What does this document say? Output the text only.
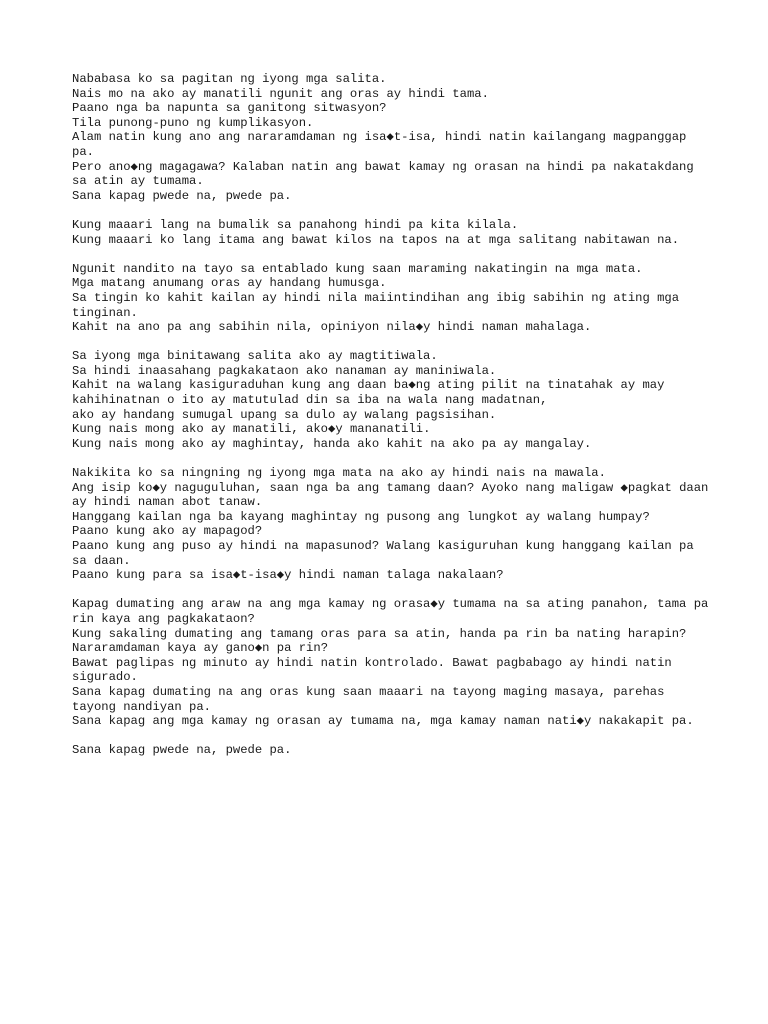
Nababasa ko sa pagitan ng iyong mga salita.
Nais mo na ako ay manatili ngunit ang oras ay hindi tama.
Paano nga ba napunta sa ganitong sitwasyon?
Tila punong-puno ng kumplikasyon.
Alam natin kung ano ang nararamdaman ng isa◆t-isa, hindi natin kailangang magpanggap pa.
Pero ano◆ng magagawa? Kalaban natin ang bawat kamay ng orasan na hindi pa nakatakdang sa atin ay tumama.
Sana kapag pwede na, pwede pa.
Kung maaari lang na bumalik sa panahong hindi pa kita kilala.
Kung maaari ko lang itama ang bawat kilos na tapos na at mga salitang nabitawan na.
Ngunit nandito na tayo sa entablado kung saan maraming nakatingin na mga mata.
Mga matang anumang oras ay handang humusga.
Sa tingin ko kahit kailan ay hindi nila maiintindihan ang ibig sabihin ng ating mga tinginan.
Kahit na ano pa ang sabihin nila, opiniyon nila◆y hindi naman mahalaga.
Sa iyong mga binitawang salita ako ay magtitiwala.
Sa hindi inaasahang pagkakataon ako nanaman ay maniniwala.
Kahit na walang kasiguraduhan kung ang daan ba◆ng ating pilit na tinatahak ay may kahihinatnan o ito ay matutulad din sa iba na wala nang madatnan,
ako ay handang sumugal upang sa dulo ay walang pagsisihan.
Kung nais mong ako ay manatili, ako◆y mananatili.
Kung nais mong ako ay maghintay, handa ako kahit na ako pa ay mangalay.
Nakikita ko sa ningning ng iyong mga mata na ako ay hindi nais na mawala.
Ang isip ko◆y naguguluhan, saan nga ba ang tamang daan? Ayoko nang maligaw ◆pagkat daan ay hindi naman abot tanaw.
Hanggang kailan nga ba kayang maghintay ng pusong ang lungkot ay walang humpay?
Paano kung ako ay mapagod?
Paano kung ang puso ay hindi na mapasunod? Walang kasiguruhan kung hanggang kailan pa sa daan.
Paano kung para sa isa◆t-isa◆y hindi naman talaga nakalaan?
Kapag dumating ang araw na ang mga kamay ng orasa◆y tumama na sa ating panahon, tama pa rin kaya ang pagkakataon?
Kung sakaling dumating ang tamang oras para sa atin, handa pa rin ba nating harapin? Nararamdaman kaya ay gano◆n pa rin?
Bawat paglipas ng minuto ay hindi natin kontrolado. Bawat pagbabago ay hindi natin sigurado.
Sana kapag dumating na ang oras kung saan maaari na tayong maging masaya, parehas tayong nandiyan pa.
Sana kapag ang mga kamay ng orasan ay tumama na, mga kamay naman nati◆y nakakapit pa.
Sana kapag pwede na, pwede pa.
